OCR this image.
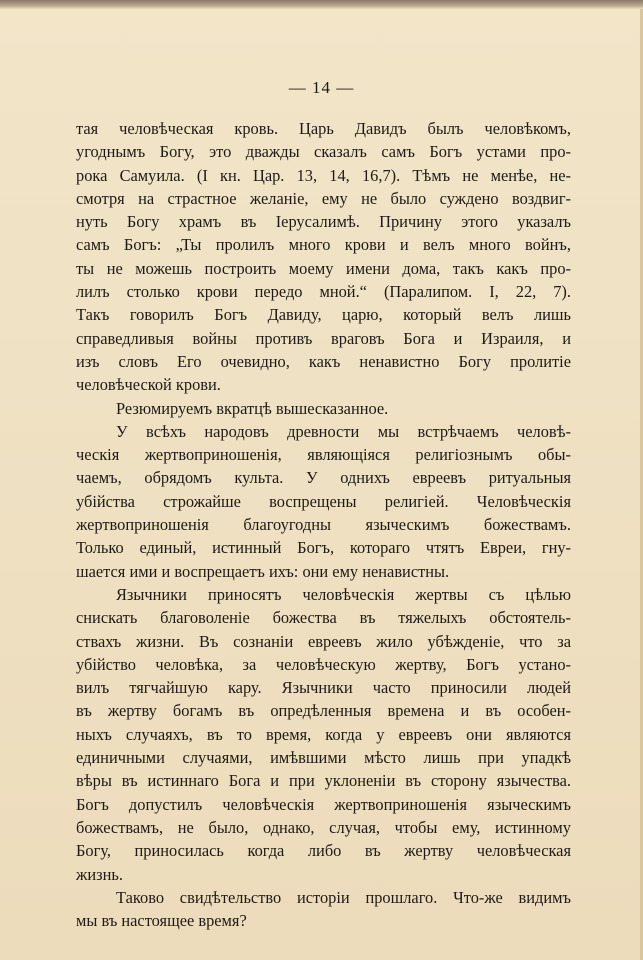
— 14 —
тая человѣческая кровь. Царь Давидъ былъ человѣкомъ,
угоднымъ Богу, это дважды сказалъ самъ Богъ устами про-
рока Самуила. (I кн. Цар. 13, 14, 16,7). Тѣмъ не менѣе, не-
смотря на страстное желаніе, ему не было суждено воздвиг-
нуть Богу храмъ въ Іерусалимѣ. Причину этого указалъ
самъ Богъ: „Ты пролилъ много крови и велъ много войнъ,
ты не можешь построить моему имени дома, такъ какъ про-
лилъ столько крови передо мной.“ (Паралипом. I, 22, 7).
Такъ говорилъ Богъ Давиду, царю, который велъ лишь
справедливыя войны противъ враговъ Бога и Израиля, и
изъ словъ Его очевидно, какъ ненавистно Богу пролитіе
человѣческой крови.
Резюмируемъ вкратцѣ вышесказанное.
У всѣхъ народовъ древности мы встрѣчаемъ человѣ-
ческія жертвоприношенія, являющіяся религіознымъ обы-
чаемъ, обрядомъ культа. У однихъ евреевъ ритуальныя
убійства строжайше воспрещены религіей. Человѣческія
жертвоприношенія благоугодны языческимъ божествамъ.
Только единый, истинный Богъ, котораго чтятъ Евреи, гну-
шается ими и воспрещаетъ ихъ: они ему ненавистны.
Язычники приносятъ человѣческія жертвы съ цѣлью
снискать благоволеніе божества въ тяжелыхъ обстоятель-
ствахъ жизни. Въ сознаніи евреевъ жило убѣжденіе, что за
убійство человѣка, за человѣческую жертву, Богъ устано-
вилъ тягчайшую кару. Язычники часто приносили людей
въ жертву богамъ въ опредѣленныя времена и въ особен-
ныхъ случаяхъ, въ то время, когда у евреевъ они являются
единичными случаями, имѣвшими мѣсто лишь при упадкѣ
вѣры въ истиннаго Бога и при уклоненіи въ сторону язычества.
Богъ допустилъ человѣческія жертвоприношенія языческимъ
божествамъ, не было, однако, случая, чтобы ему, истинному
Богу, приносилась когда либо въ жертву человѣческая
жизнь.
Таково свидѣтельство исторіи прошлаго. Что-же видимъ
мы въ настоящее время?
